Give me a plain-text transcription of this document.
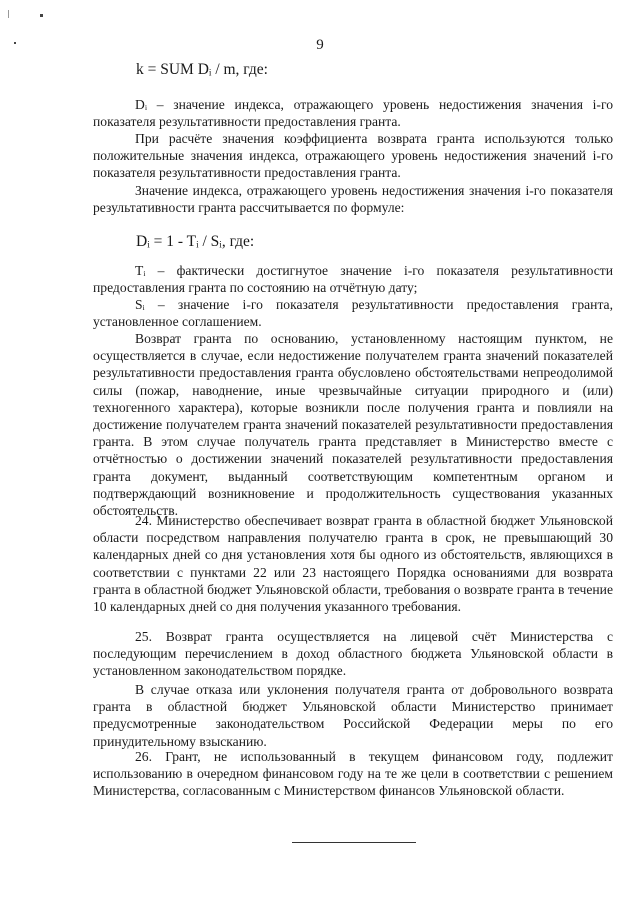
9
k = SUM Dᵢ / m, где:

Dᵢ – значение индекса, отражающего уровень недостижения значения i-го показателя результативности предоставления гранта.

При расчёте значения коэффициента возврата гранта используются только положительные значения индекса, отражающего уровень недостижения значений i-го показателя результативности предоставления гранта.

Значение индекса, отражающего уровень недостижения значения i-го показателя результативности гранта рассчитывается по формуле:

Dᵢ = 1 - Tᵢ / Sᵢ, где:

Tᵢ – фактически достигнутое значение i-го показателя результативности предоставления гранта по состоянию на отчётную дату;

Sᵢ – значение i-го показателя результативности предоставления гранта, установленное соглашением.

Возврат гранта по основанию, установленному настоящим пунктом, не осуществляется в случае, если недостижение получателем гранта значений показателей результативности предоставления гранта обусловлено обстоятельствами непреодолимой силы (пожар, наводнение, иные чрезвычайные ситуации природного и (или) техногенного характера), которые возникли после получения гранта и повлияли на достижение получателем гранта значений показателей результативности предоставления гранта. В этом случае получатель гранта представляет в Министерство вместе с отчётностью о достижении значений показателей результативности предоставления гранта документ, выданный соответствующим компетентным органом и подтверждающий возникновение и продолжительность существования указанных обстоятельств.

24. Министерство обеспечивает возврат гранта в областной бюджет Ульяновской области посредством направления получателю гранта в срок, не превышающий 30 календарных дней со дня установления хотя бы одного из обстоятельств, являющихся в соответствии с пунктами 22 или 23 настоящего Порядка основаниями для возврата гранта в областной бюджет Ульяновской области, требования о возврате гранта в течение 10 календарных дней со дня получения указанного требования.

25. Возврат гранта осуществляется на лицевой счёт Министерства с последующим перечислением в доход областного бюджета Ульяновской области в установленном законодательством порядке.

В случае отказа или уклонения получателя гранта от добровольного возврата гранта в областной бюджет Ульяновской области Министерство принимает предусмотренные законодательством Российской Федерации меры по его принудительному взысканию.

26. Грант, не использованный в текущем финансовом году, подлежит использованию в очередном финансовом году на те же цели в соответствии с решением Министерства, согласованным с Министерством финансов Ульяновской области.
